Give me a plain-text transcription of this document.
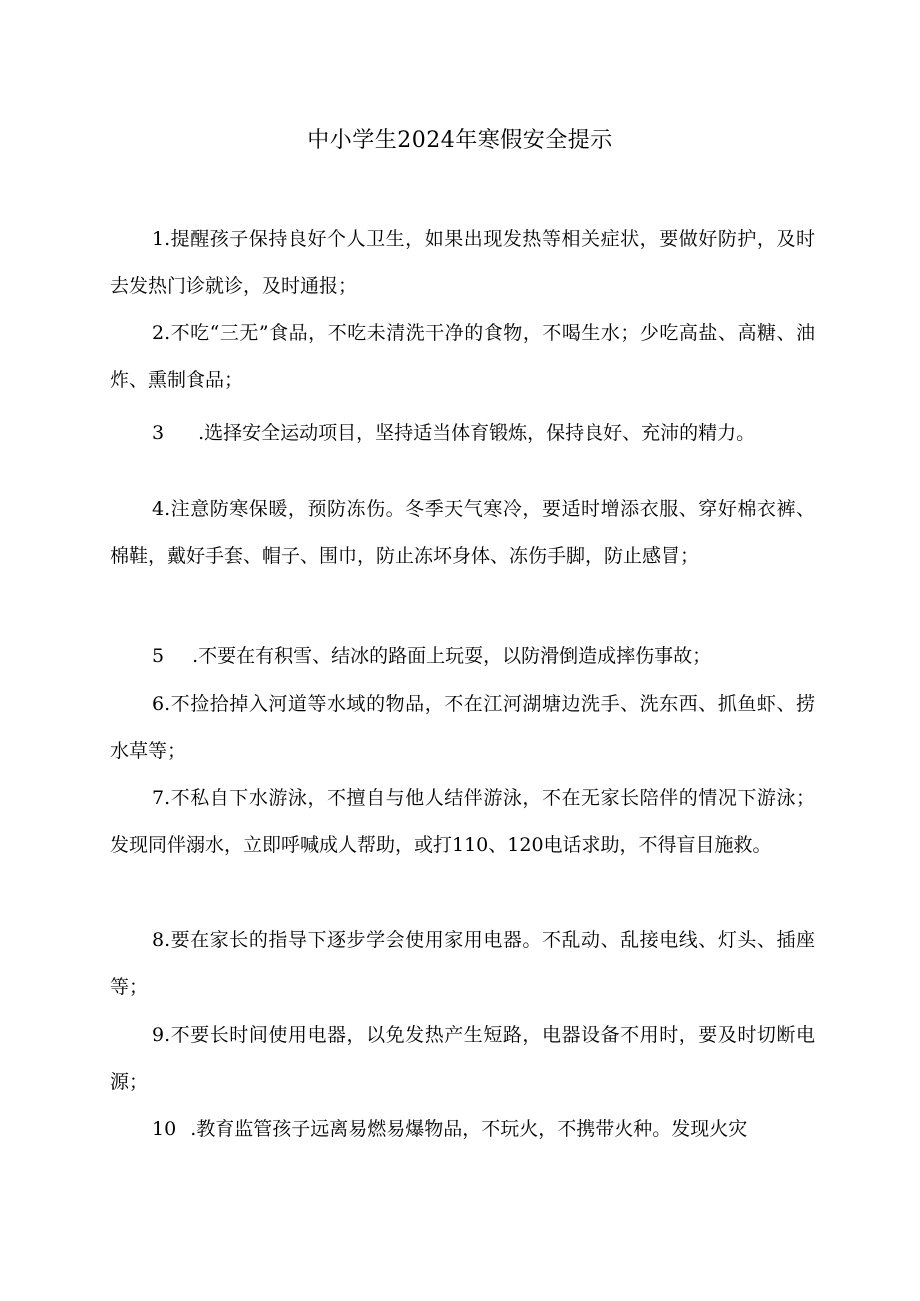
中小学生2024年寒假安全提示

1.提醒孩子保持良好个人卫生，如果出现发热等相关症状，要做好防护，及时去发热门诊就诊，及时通报；

2.不吃“三无”食品，不吃未清洗干净的食物，不喝生水；少吃高盐、高糖、油炸、熏制食品；

3 .选择安全运动项目，坚持适当体育锻炼，保持良好、充沛的精力。

4.注意防寒保暖，预防冻伤。冬季天气寒冷，要适时增添衣服、穿好棉衣裤、棉鞋，戴好手套、帽子、围巾，防止冻坏身体、冻伤手脚，防止感冒；

5 .不要在有积雪、结冰的路面上玩耍，以防滑倒造成摔伤事故；

6.不捡拾掉入河道等水域的物品，不在江河湖塘边洗手、洗东西、抓鱼虾、捞水草等；

7.不私自下水游泳，不擅自与他人结伴游泳，不在无家长陪伴的情况下游泳；发现同伴溺水，立即呼喊成人帮助，或打110、120电话求助，不得盲目施救。

8.要在家长的指导下逐步学会使用家用电器。不乱动、乱接电线、灯头、插座等；

9.不要长时间使用电器，以免发热产生短路，电器设备不用时，要及时切断电源；

10 .教育监管孩子远离易燃易爆物品，不玩火，不携带火种。发现火灾
